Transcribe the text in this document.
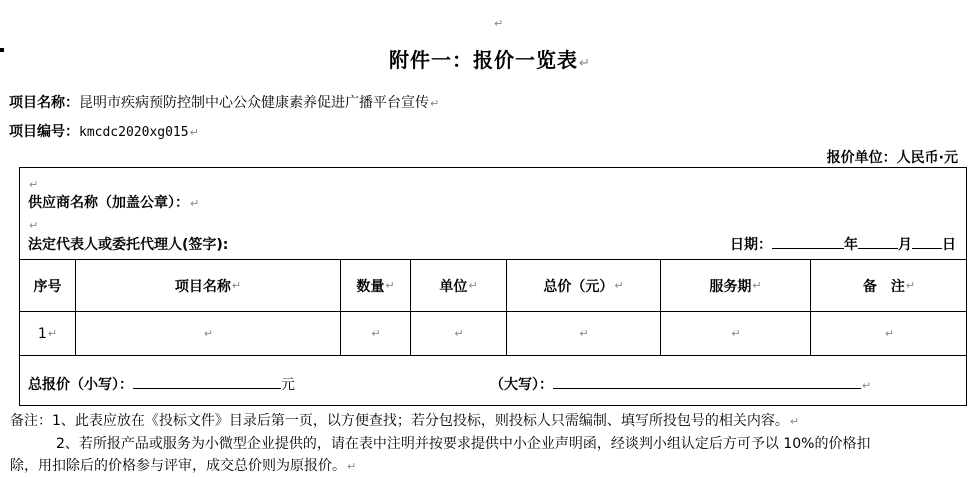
↵
附件一：报价一览表↵
项目名称：昆明市疾病预防控制中心公众健康素养促进广播平台宣传↵
项目编号：kmcdc2020xg015↵
报价单位：人民币·元
↵
供应商名称（加盖公章）：↵
↵
法定代表人或委托代理人(签字):	日期：	年	月 日
序号	项目名称 ↵	数量 ↵	单位 ↵	总价（元） ↵	服务期 ↵	备　注 ↵
1 ↵	↵	↵	↵	↵	↵	↵
总报价（小写）：	元	（大写）：	↵
备注：1、此表应放在《投标文件》目录后第一页，以方便查找；若分包投标，则投标人只需编制、填写所投包号的相关内容。↵
2、若所报产品或服务为小微型企业提供的，请在表中注明并按要求提供中小企业声明函，经谈判小组认定后方可予以 10%的价格扣
除，用扣除后的价格参与评审，成交总价则为原报价。↵
